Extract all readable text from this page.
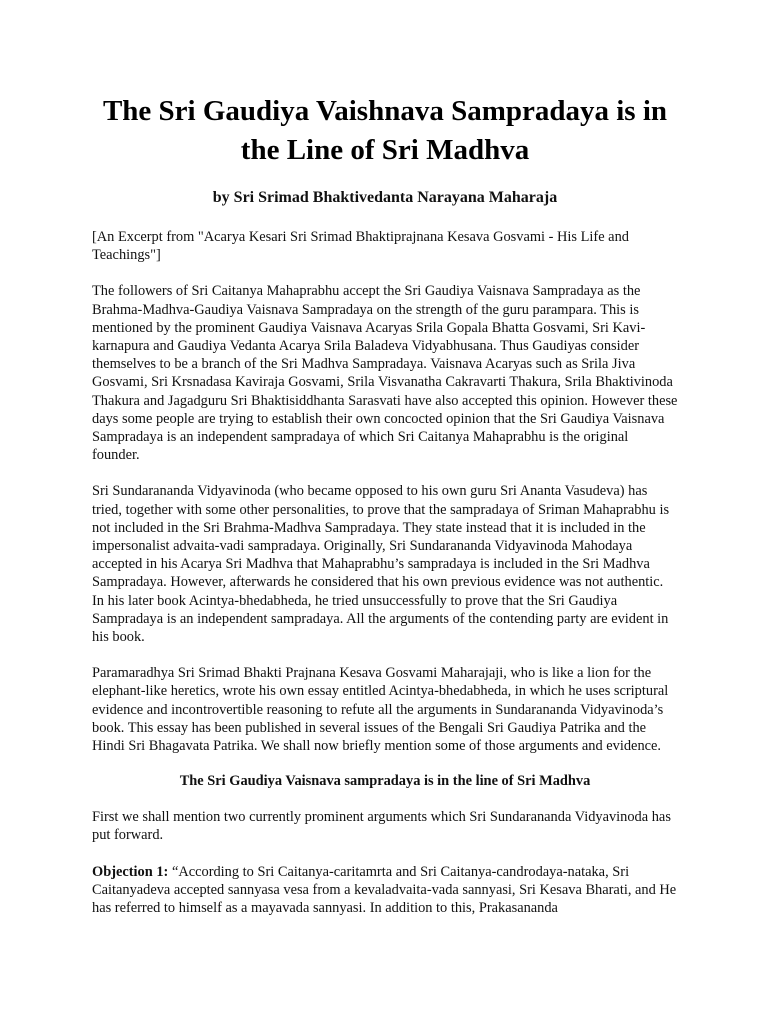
The Sri Gaudiya Vaishnava Sampradaya is in the Line of Sri Madhva
by Sri Srimad Bhaktivedanta Narayana Maharaja

[An Excerpt from "Acarya Kesari Sri Srimad Bhaktiprajnana Kesava Gosvami - His Life and Teachings"]

The followers of Sri Caitanya Mahaprabhu accept the Sri Gaudiya Vaisnava Sampradaya as the Brahma-Madhva-Gaudiya Vaisnava Sampradaya on the strength of the guru parampara. This is mentioned by the prominent Gaudiya Vaisnava Acaryas Srila Gopala Bhatta Gosvami, Sri Kavi-karnapura and Gaudiya Vedanta Acarya Srila Baladeva Vidyabhusana. Thus Gaudiyas consider themselves to be a branch of the Sri Madhva Sampradaya. Vaisnava Acaryas such as Srila Jiva Gosvami, Sri Krsnadasa Kaviraja Gosvami, Srila Visvanatha Cakravarti Thakura, Srila Bhaktivinoda Thakura and Jagadguru Sri Bhaktisiddhanta Sarasvati have also accepted this opinion. However these days some people are trying to establish their own concocted opinion that the Sri Gaudiya Vaisnava Sampradaya is an independent sampradaya of which Sri Caitanya Mahaprabhu is the original founder.

Sri Sundarananda Vidyavinoda (who became opposed to his own guru Sri Ananta Vasudeva) has tried, together with some other personalities, to prove that the sampradaya of Sriman Mahaprabhu is not included in the Sri Brahma-Madhva Sampradaya. They state instead that it is included in the impersonalist advaita-vadi sampradaya. Originally, Sri Sundarananda Vidyavinoda Mahodaya accepted in his Acarya Sri Madhva that Mahaprabhu’s sampradaya is included in the Sri Madhva Sampradaya. However, afterwards he considered that his own previous evidence was not authentic. In his later book Acintya-bhedabheda, he tried unsuccessfully to prove that the Sri Gaudiya Sampradaya is an independent sampradaya. All the arguments of the contending party are evident in his book.

Paramaradhya Sri Srimad Bhakti Prajnana Kesava Gosvami Maharajaji, who is like a lion for the elephant-like heretics, wrote his own essay entitled Acintya-bhedabheda, in which he uses scriptural evidence and incontrovertible reasoning to refute all the arguments in Sundarananda Vidyavinoda’s book. This essay has been published in several issues of the Bengali Sri Gaudiya Patrika and the Hindi Sri Bhagavata Patrika. We shall now briefly mention some of those arguments and evidence.

The Sri Gaudiya Vaisnava sampradaya is in the line of Sri Madhva

First we shall mention two currently prominent arguments which Sri Sundarananda Vidyavinoda has put forward.

Objection 1: “According to Sri Caitanya-caritamrta and Sri Caitanya-candrodaya-nataka, Sri Caitanyadeva accepted sannyasa vesa from a kevaladvaita-vada sannyasi, Sri Kesava Bharati, and He has referred to himself as a mayavada sannyasi. In addition to this, Prakasananda
